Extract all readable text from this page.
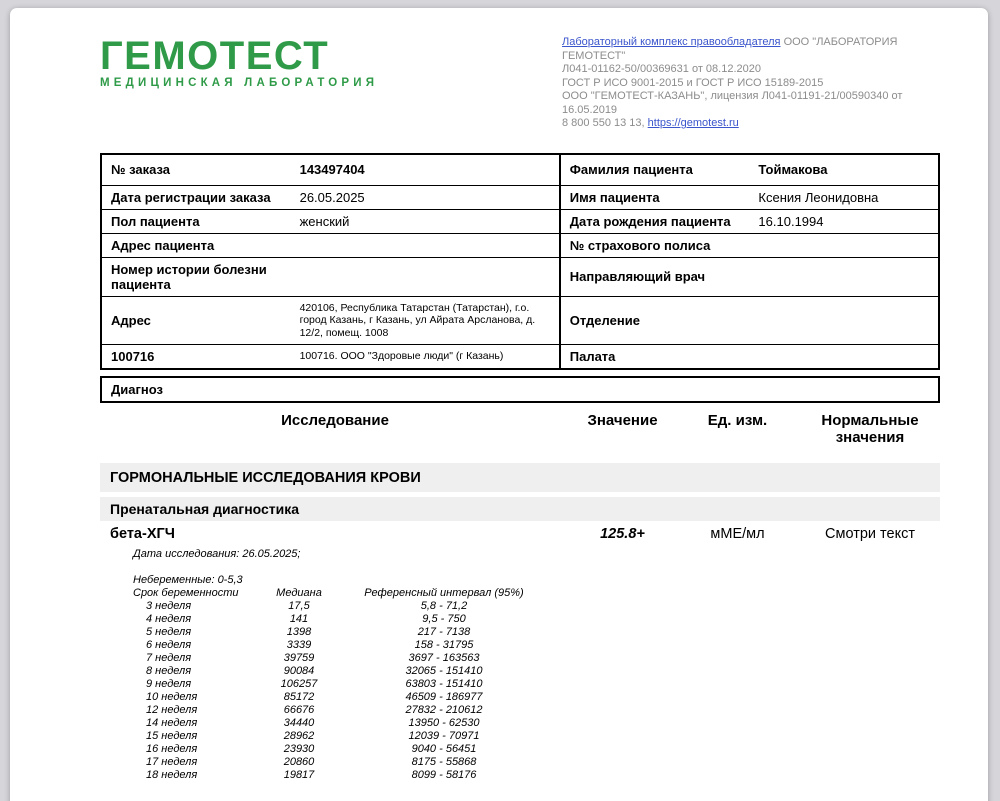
ГЕМОТЕСТ
МЕДИЦИНСКАЯ ЛАБОРАТОРИЯ
Лабораторный комплекс правообладателя ООО "ЛАБОРАТОРИЯ ГЕМОТЕСТ"
Л041-01162-50/00369631 от 08.12.2020
ГОСТ Р ИСО 9001-2015 и ГОСТ Р ИСО 15189-2015
ООО "ГЕМОТЕСТ-КАЗАНЬ", лицензия Л041-01191-21/00590340 от 16.05.2019
8 800 550 13 13, https://gemotest.ru
№ заказа	143497404	Фамилия пациента	Тоймакова
Дата регистрации заказа	26.05.2025	Имя пациента	Ксения Леонидовна
Пол пациента	женский	Дата рождения пациента	16.10.1994
Адрес пациента		№ страхового полиса	
Номер истории болезни пациента		Направляющий врач	
Адрес	420106, Республика Татарстан (Татарстан), г.о. город Казань, г Казань, ул Айрата Арсланова, д. 12/2, помещ. 1008	Отделение	
100716	100716. ООО "Здоровые люди" (г Казань)	Палата	
Диагноз
Исследование	Значение	Ед. изм.	Нормальные значения
ГОРМОНАЛЬНЫЕ ИССЛЕДОВАНИЯ КРОВИ
Пренатальная диагностика
бета-ХГЧ	125.8+	мМЕ/мл	Смотри текст
Дата исследования: 26.05.2025;
Небеременные: 0-5,3
Срок беременности	Медиана	Референсный интервал (95%)
3 неделя	17,5	5,8 - 71,2
4 неделя	141	9,5 - 750
5 неделя	1398	217 - 7138
6 неделя	3339	158 - 31795
7 неделя	39759	3697 - 163563
8 неделя	90084	32065 - 151410
9 неделя	106257	63803 - 151410
10 неделя	85172	46509 - 186977
12 неделя	66676	27832 - 210612
14 неделя	34440	13950 - 62530
15 неделя	28962	12039 - 70971
16 неделя	23930	9040 - 56451
17 неделя	20860	8175 - 55868
18 неделя	19817	8099 - 58176
